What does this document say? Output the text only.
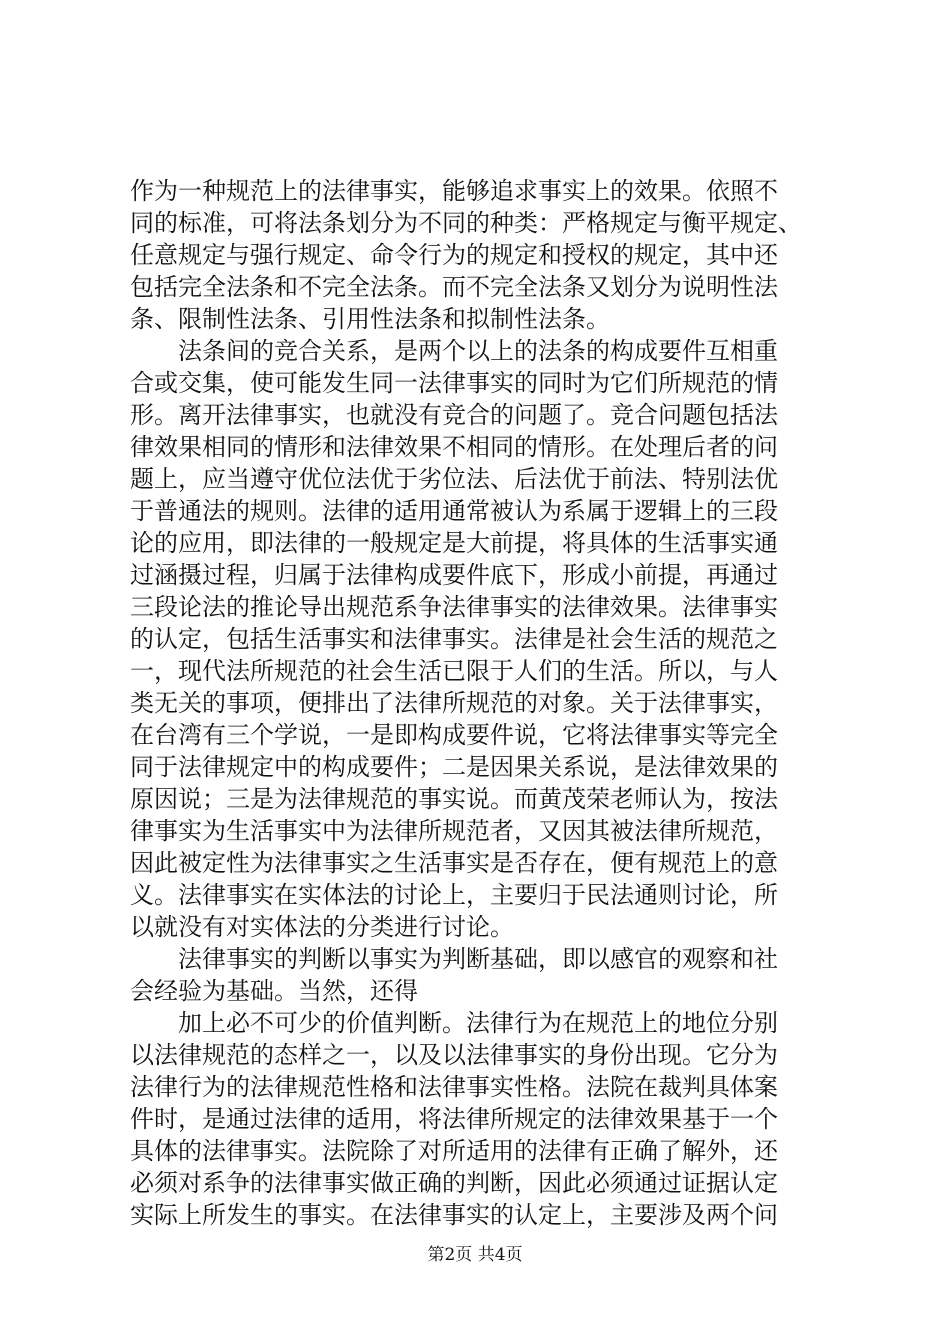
作为一种规范上的法律事实，能够追求事实上的效果。依照不
同的标准，可将法条划分为不同的种类：严格规定与衡平规定、
任意规定与强行规定、命令行为的规定和授权的规定，其中还
包括完全法条和不完全法条。而不完全法条又划分为说明性法
条、限制性法条、引用性法条和拟制性法条。
　　法条间的竞合关系，是两个以上的法条的构成要件互相重
合或交集，使可能发生同一法律事实的同时为它们所规范的情
形。离开法律事实，也就没有竞合的问题了。竞合问题包括法
律效果相同的情形和法律效果不相同的情形。在处理后者的问
题上，应当遵守优位法优于劣位法、后法优于前法、特别法优
于普通法的规则。法律的适用通常被认为系属于逻辑上的三段
论的应用，即法律的一般规定是大前提，将具体的生活事实通
过涵摄过程，归属于法律构成要件底下，形成小前提，再通过
三段论法的推论导出规范系争法律事实的法律效果。法律事实
的认定，包括生活事实和法律事实。法律是社会生活的规范之
一，现代法所规范的社会生活已限于人们的生活。所以，与人
类无关的事项，便排出了法律所规范的对象。关于法律事实，
在台湾有三个学说，一是即构成要件说，它将法律事实等完全
同于法律规定中的构成要件；二是因果关系说，是法律效果的
原因说；三是为法律规范的事实说。而黄茂荣老师认为，按法
律事实为生活事实中为法律所规范者，又因其被法律所规范，
因此被定性为法律事实之生活事实是否存在，便有规范上的意
义。法律事实在实体法的讨论上，主要归于民法通则讨论，所
以就没有对实体法的分类进行讨论。
　　法律事实的判断以事实为判断基础，即以感官的观察和社
会经验为基础。当然，还得
　　加上必不可少的价值判断。法律行为在规范上的地位分别
以法律规范的态样之一，以及以法律事实的身份出现。它分为
法律行为的法律规范性格和法律事实性格。法院在裁判具体案
件时，是通过法律的适用，将法律所规定的法律效果基于一个
具体的法律事实。法院除了对所适用的法律有正确了解外，还
必须对系争的法律事实做正确的判断，因此必须通过证据认定
实际上所发生的事实。在法律事实的认定上，主要涉及两个问
第2页 共4页
